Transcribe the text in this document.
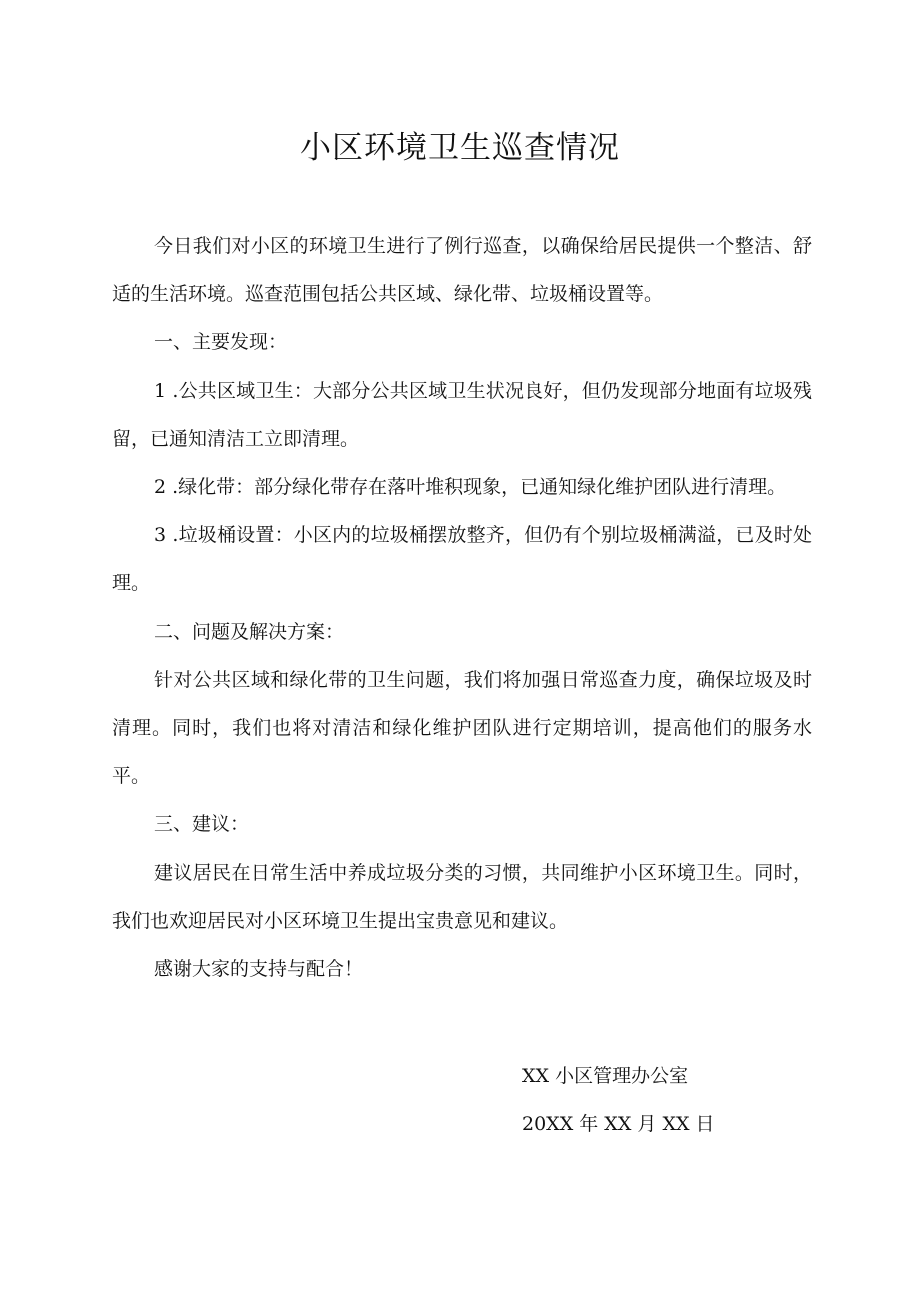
小区环境卫生巡查情况

今日我们对小区的环境卫生进行了例行巡查，以确保给居民提供一个整洁、舒适的生活环境。巡查范围包括公共区域、绿化带、垃圾桶设置等。

一、主要发现：

1 .公共区域卫生：大部分公共区域卫生状况良好，但仍发现部分地面有垃圾残留，已通知清洁工立即清理。

2 .绿化带：部分绿化带存在落叶堆积现象，已通知绿化维护团队进行清理。

3 .垃圾桶设置：小区内的垃圾桶摆放整齐，但仍有个别垃圾桶满溢，已及时处理。

二、问题及解决方案：

针对公共区域和绿化带的卫生问题，我们将加强日常巡查力度，确保垃圾及时清理。同时，我们也将对清洁和绿化维护团队进行定期培训，提高他们的服务水平。

三、建议：

建议居民在日常生活中养成垃圾分类的习惯，共同维护小区环境卫生。同时，我们也欢迎居民对小区环境卫生提出宝贵意见和建议。

感谢大家的支持与配合！

XX 小区管理办公室

20XX 年 XX 月 XX 日
